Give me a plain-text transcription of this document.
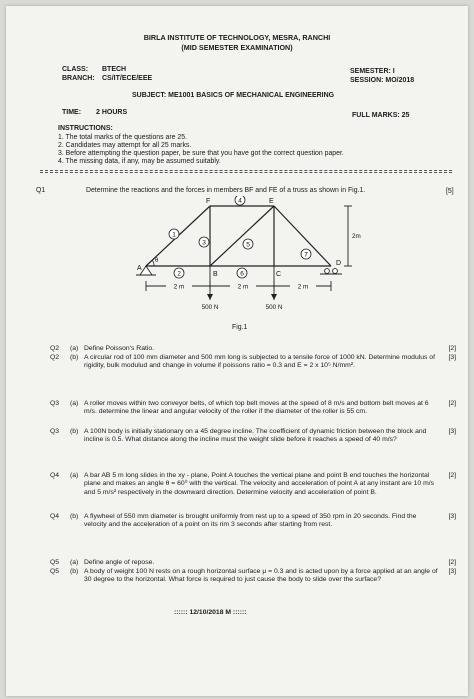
BIRLA INSTITUTE OF TECHNOLOGY, MESRA, RANCHI
(MID SEMESTER EXAMINATION)
CLASS: BTECH
BRANCH: CS/IT/ECE/EEE
SEMESTER: I
SESSION: MO/2018
SUBJECT: ME1001 BASICS OF MECHANICAL ENGINEERING
TIME: 2 HOURS	FULL MARKS: 25
INSTRUCTIONS:
1. The total marks of the questions are 25.
2. Candidates may attempt for all 25 marks.
3. Before attempting the question paper, be sure that you have got the correct question paper.
4. The missing data, if any, may be assumed suitably.
Q1	Determine the reactions and the forces in members BF and FE of a truss as shown in Fig.1.	[5]
1
2
3
4
5
6
7
A
B	C
D
E
F
θ
2m
2 m	2 m	2 m
500 N	500 N
Fig.1
Q2 (a) Define Poisson's Ratio.	[2]
Q2 (b) A circular rod of 100 mm diameter and 500 mm long is subjected to a tensile force of 1000 kN. Determine modulus of rigidity, bulk modulud and change in volume if poissons ratio = 0.3 and E = 2 x 10⁵ N/mm².
[3]
Q3 (a) A roller moves within two conveyor belts, of which top belt moves at the speed of 8 m/s and bottom belt moves at 6 m/s. determine the linear and angular velocity of the roller if the diameter of the roller is 55 cm.
[2]
Q3 (b) A 100N body is initially stationary on a 45 degree incline. The coefficient of dynamic friction between the block and incline is 0.5. What distance along the incline must the weight slide before it reaches a speed of 40 m/s?
[3]
Q4 (a) A bar AB 5 m long slides in the xy - plane, Point A touches the vertical plane and point B end touches the horizontal plane and makes an angle θ = 60⁰ with the vertical. The velocity and acceleration of point A at any instant are 10 m/s and 5 m/s² respectively in the downward direction. Determine velocity and acceleration of point B.
[2]
Q4 (b) A flywheel of 550 mm diameter is brought uniformly from rest up to a speed of 350 rpm in 20 seconds. Find the velocity and the acceleration of a point on its rim 3 seconds after starting from rest.
[3]
Q5 (a) Define angle of repose.	[2]
Q5 (b) A body of weight 100 N rests on a rough horizontal surface μ = 0.3 and is acted upon by a force applied at an angle of 30 degree to the horizontal. What force is required to just cause the body to slide over the surface?
[3]
:::::: 12/10/2018 M ::::::
